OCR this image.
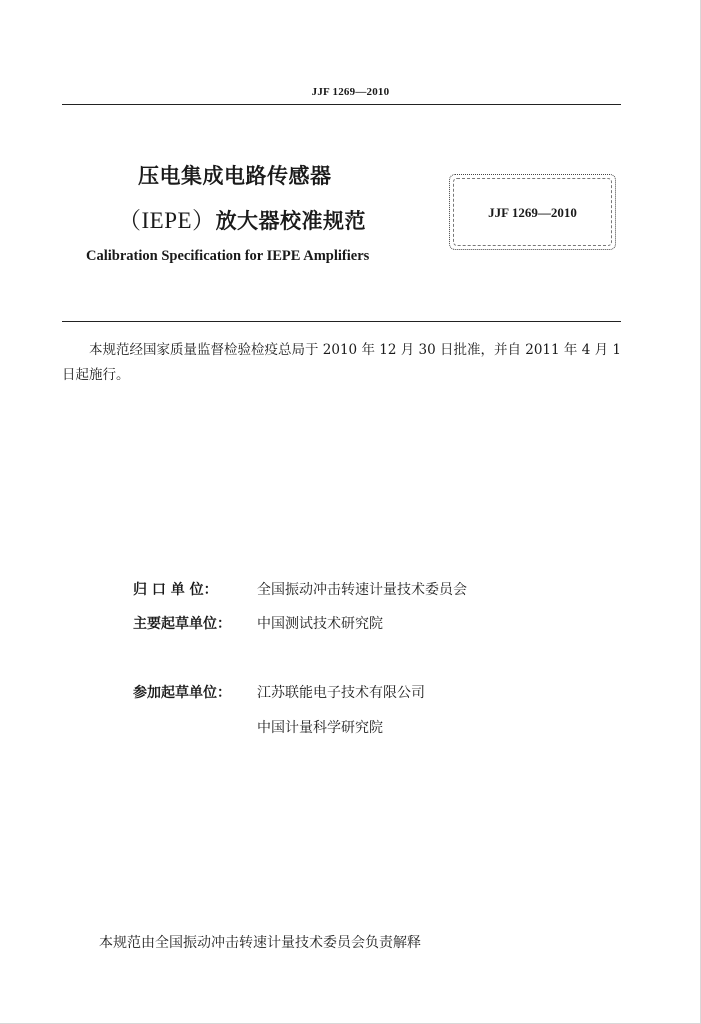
JJF 1269—2010
压电集成电路传感器
（IEPE）放大器校准规范
Calibration Specification for IEPE Amplifiers
JJF 1269—2010
本规范经国家质量监督检验检疫总局于 2010 年 12 月 30 日批准，并自 2011 年 4 月 1 日起施行。
归 口 单 位：	全国振动冲击转速计量技术委员会
主要起草单位： 中国测试技术研究院
参加起草单位： 江苏联能电子技术有限公司
中国计量科学研究院
本规范由全国振动冲击转速计量技术委员会负责解释
